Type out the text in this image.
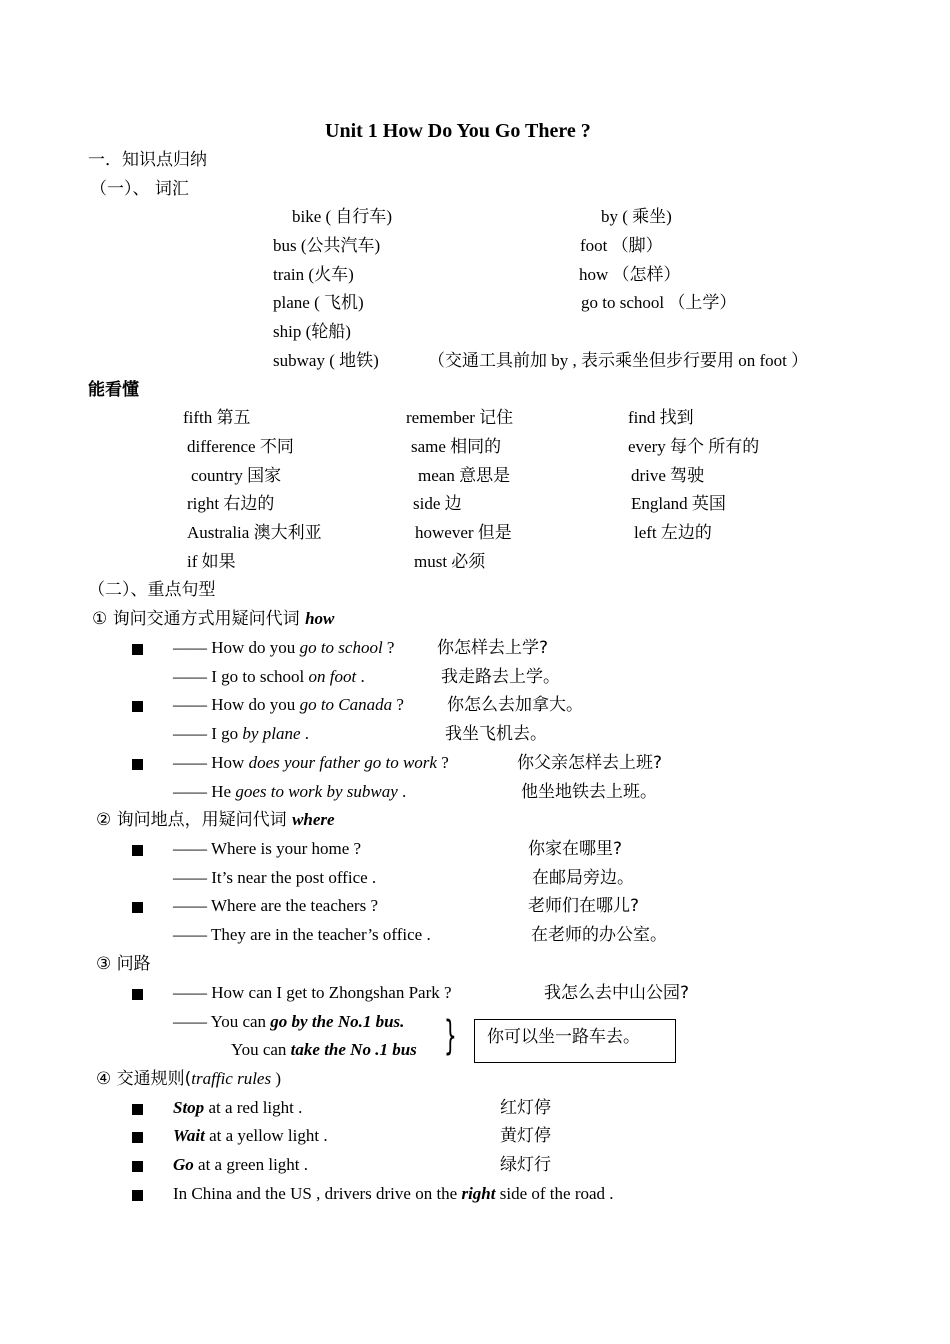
Unit 1 How Do You Go There ?
一．知识点归纳
（一）、 词汇
bike ( 自行车)	by ( 乘坐)
bus (公共汽车)	foot （脚）
train (火车)	how （怎样）
plane ( 飞机)	go to school （上学）
ship (轮船)
subway ( 地铁)	（交通工具前加 by , 表示乘坐但步行要用 on foot ）
能看懂
fifth 第五	remember 记住	find 找到
difference 不同	same 相同的	every 每个 所有的
country 国家	mean 意思是	drive 驾驶
right 右边的	side 边	England 英国
Australia 澳大利亚	however 但是	left 左边的
if 如果	must 必须
（二）、重点句型
① 询问交通方式用疑问代词 how
—— How do you go to school ?	你怎样去上学?
—— I go to school on foot .	我走路去上学。
—— How do you go to Canada ?	你怎么去加拿大。
—— I go by plane .	我坐飞机去。
—— How does your father go to work ?	你父亲怎样去上班?
—— He goes to work by subway .	他坐地铁去上班。
② 询问地点，用疑问代词 where
—— Where is your home ?	你家在哪里?
—— It’s near the post office .	在邮局旁边。
—— Where are the teachers ?	老师们在哪儿?
—— They are in the teacher’s office .	在老师的办公室。
③ 问路
—— How can I get to Zhongshan Park ?	我怎么去中山公园?
—— You can go by the No.1 bus.
You can take the No .1 bus } 你可以坐一路车去。
④ 交通规则(traffic rules )
Stop at a red light .	红灯停
Wait at a yellow light .	黄灯停
Go at a green light .	绿灯行
In China and the US , drivers drive on the right side of the road .
